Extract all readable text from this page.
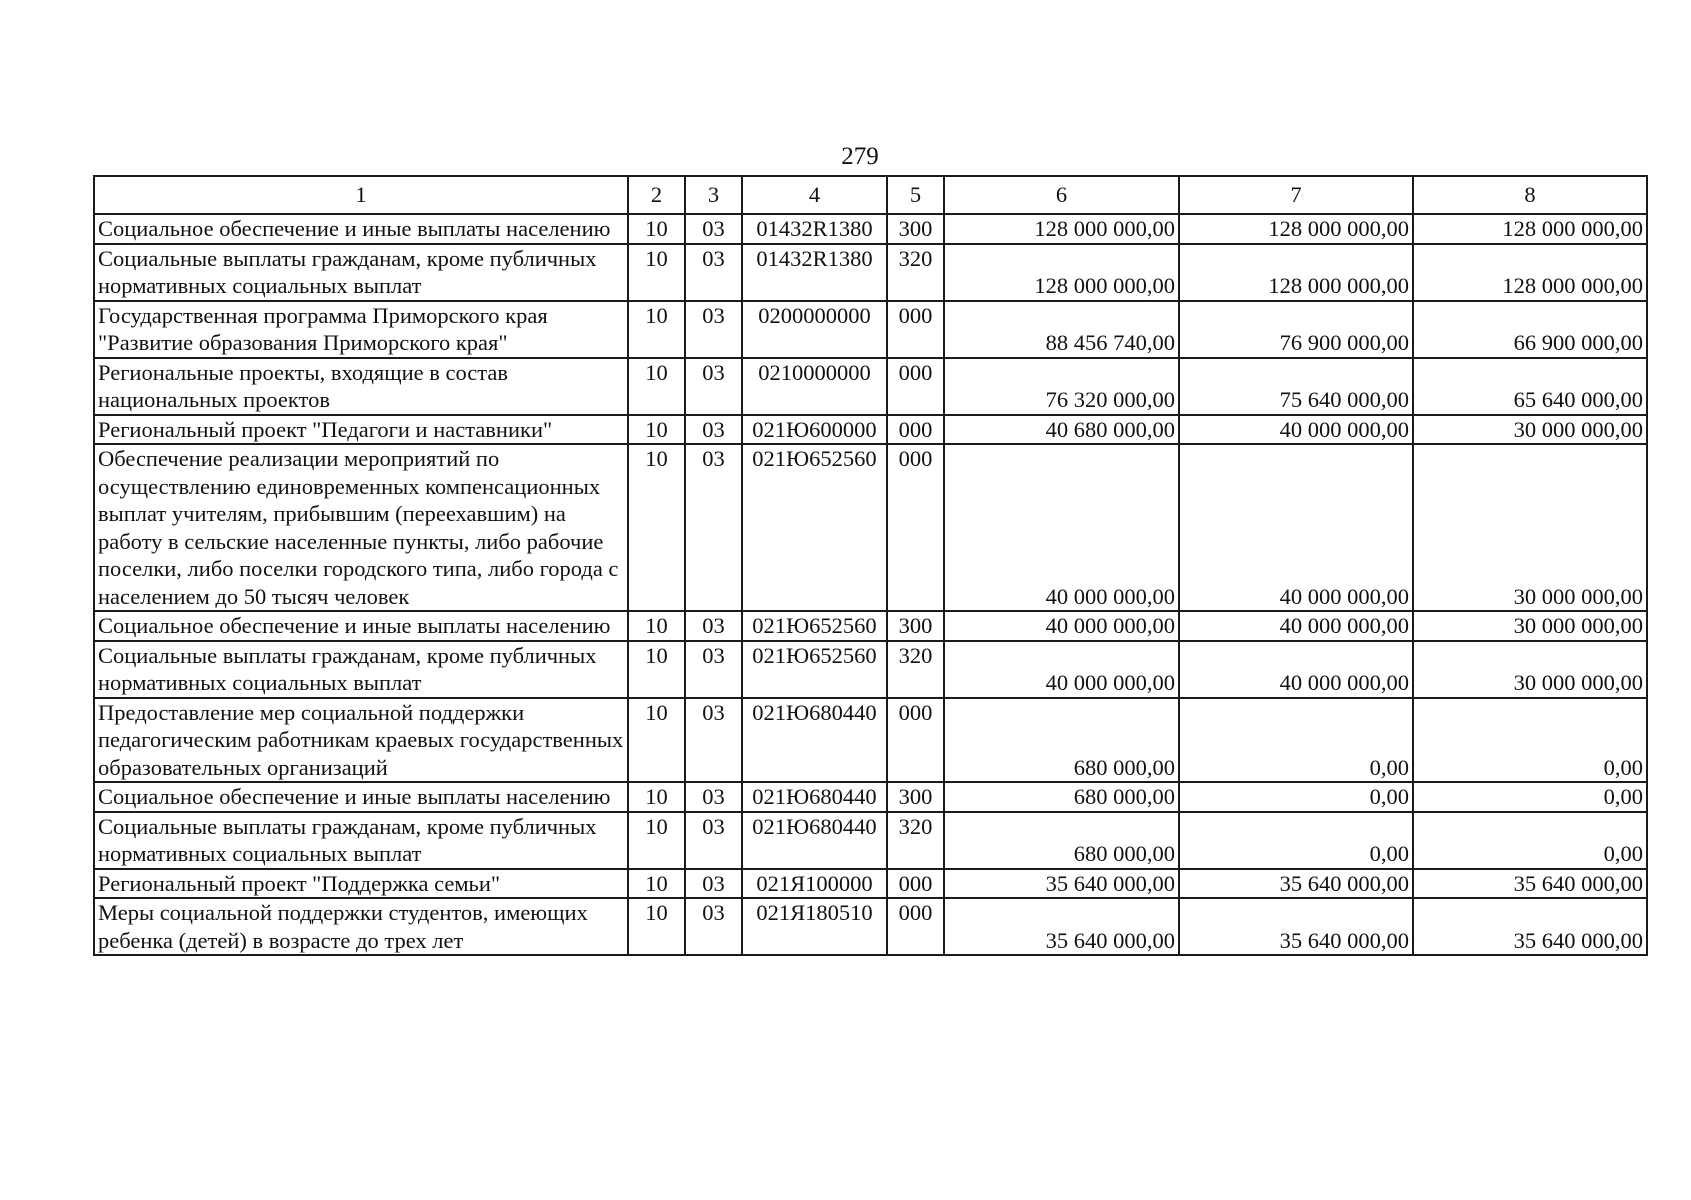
279
1	2	3	4	5	6	7	8
Социальное обеспечение и иные выплаты населению	10	03	01432R1380	300	128 000 000,00	128 000 000,00	128 000 000,00
Социальные выплаты гражданам, кроме публичных нормативных социальных выплат	10	03	01432R1380	320	128 000 000,00	128 000 000,00	128 000 000,00
Государственная программа Приморского края "Развитие образования Приморского края"	10	03	0200000000	000	88 456 740,00	76 900 000,00	66 900 000,00
Региональные проекты, входящие в состав национальных проектов	10	03	0210000000	000	76 320 000,00	75 640 000,00	65 640 000,00
Региональный проект "Педагоги и наставники"	10	03	021Ю600000	000	40 680 000,00	40 000 000,00	30 000 000,00
Обеспечение реализации мероприятий по осуществлению единовременных компенсационных выплат учителям, прибывшим (переехавшим) на работу в сельские населенные пункты, либо рабочие поселки, либо поселки городского типа, либо города с населением до 50 тысяч человек	10	03	021Ю652560	000	40 000 000,00	40 000 000,00	30 000 000,00
Социальное обеспечение и иные выплаты населению	10	03	021Ю652560	300	40 000 000,00	40 000 000,00	30 000 000,00
Социальные выплаты гражданам, кроме публичных нормативных социальных выплат	10	03	021Ю652560	320	40 000 000,00	40 000 000,00	30 000 000,00
Предоставление мер социальной поддержки педагогическим работникам краевых государственных образовательных организаций	10	03	021Ю680440	000	680 000,00	0,00	0,00
Социальное обеспечение и иные выплаты населению	10	03	021Ю680440	300	680 000,00	0,00	0,00
Социальные выплаты гражданам, кроме публичных нормативных социальных выплат	10	03	021Ю680440	320	680 000,00	0,00	0,00
Региональный проект "Поддержка семьи"	10	03	021Я100000	000	35 640 000,00	35 640 000,00	35 640 000,00
Меры социальной поддержки студентов, имеющих ребенка (детей) в возрасте до трех лет	10	03	021Я180510	000	35 640 000,00	35 640 000,00	35 640 000,00
